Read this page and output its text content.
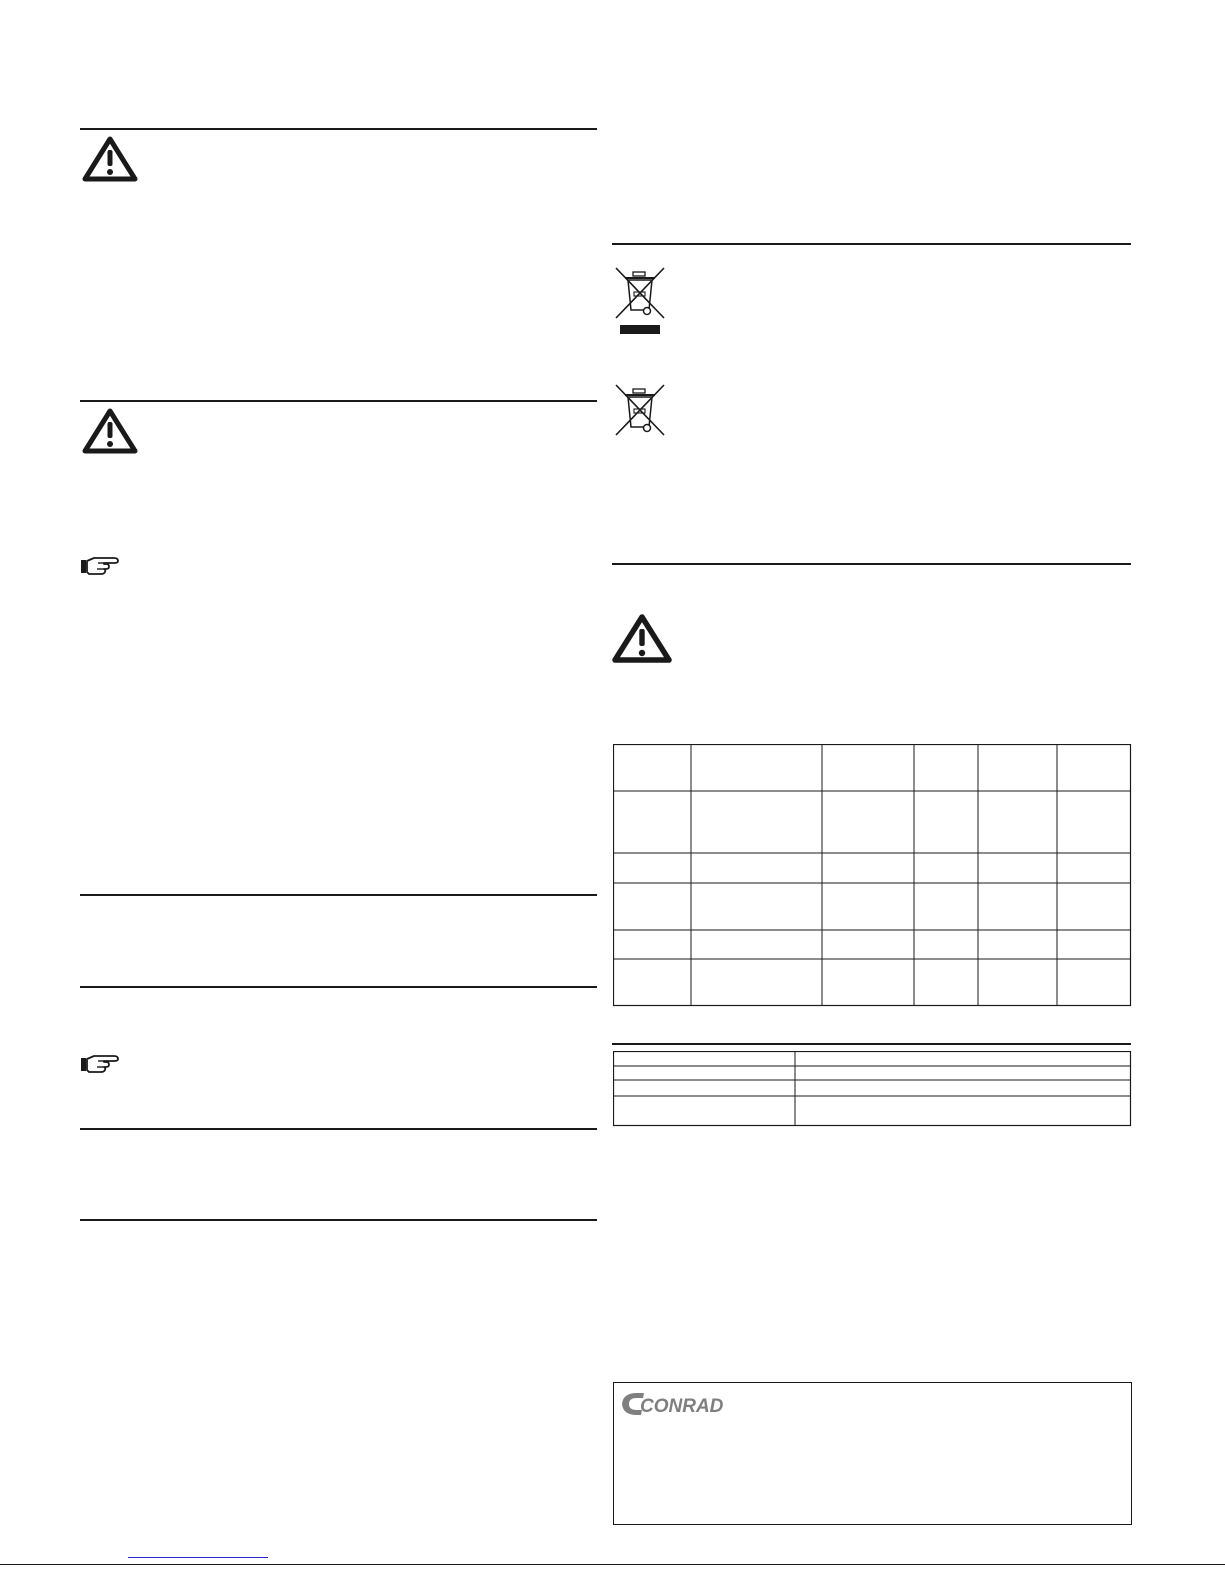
CONRAD
